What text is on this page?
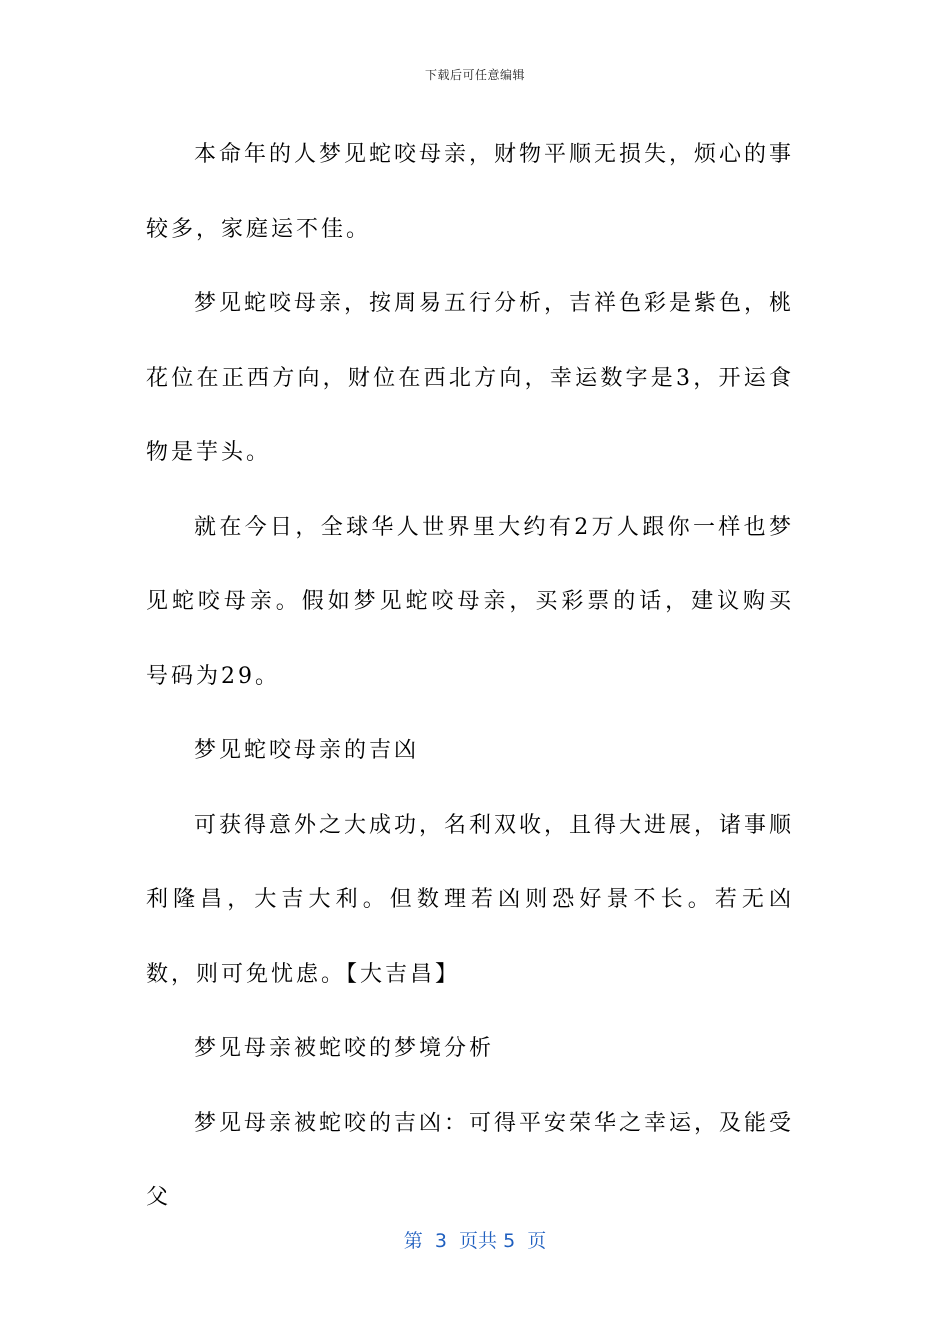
下载后可任意编辑

本命年的人梦见蛇咬母亲，财物平顺无损失，烦心的事较多，家庭运不佳。

梦见蛇咬母亲，按周易五行分析，吉祥色彩是紫色，桃花位在正西方向，财位在西北方向，幸运数字是3，开运食物是芋头。

就在今日，全球华人世界里大约有2万人跟你一样也梦见蛇咬母亲。假如梦见蛇咬母亲，买彩票的话，建议购买号码为29。

梦见蛇咬母亲的吉凶

可获得意外之大成功，名利双收，且得大进展，诸事顺利隆昌，大吉大利。但数理若凶则恐好景不长。若无凶数，则可免忧虑。【大吉昌】

梦见母亲被蛇咬的梦境分析

梦见母亲被蛇咬的吉凶：可得平安荣华之幸运，及能受父

第 3 页共 5 页
